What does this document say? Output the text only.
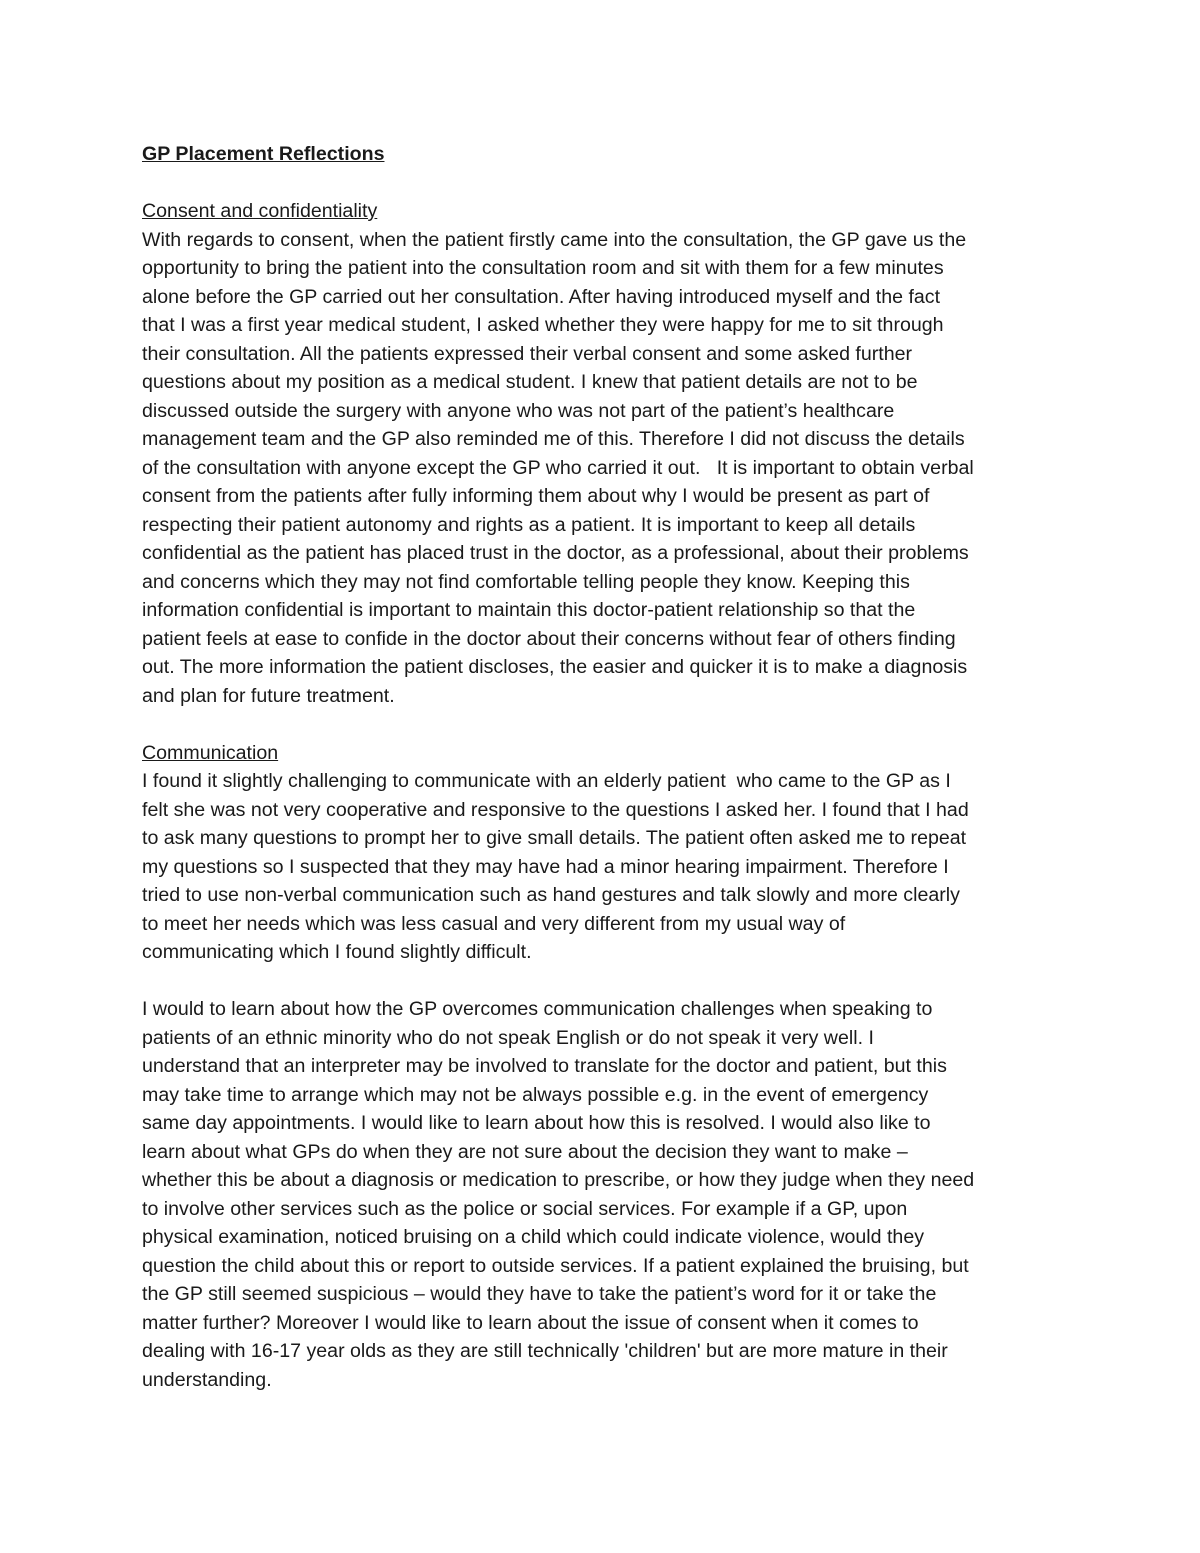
GP Placement Reflections

Consent and confidentiality

With regards to consent, when the patient firstly came into the consultation, the GP gave us the
opportunity to bring the patient into the consultation room and sit with them for a few minutes
alone before the GP carried out her consultation. After having introduced myself and the fact
that I was a first year medical student, I asked whether they were happy for me to sit through
their consultation. All the patients expressed their verbal consent and some asked further
questions about my position as a medical student. I knew that patient details are not to be
discussed outside the surgery with anyone who was not part of the patient’s healthcare
management team and the GP also reminded me of this. Therefore I did not discuss the details
of the consultation with anyone except the GP who carried it out.   It is important to obtain verbal
consent from the patients after fully informing them about why I would be present as part of
respecting their patient autonomy and rights as a patient. It is important to keep all details
confidential as the patient has placed trust in the doctor, as a professional, about their problems
and concerns which they may not find comfortable telling people they know. Keeping this
information confidential is important to maintain this doctor-patient relationship so that the
patient feels at ease to confide in the doctor about their concerns without fear of others finding
out. The more information the patient discloses, the easier and quicker it is to make a diagnosis
and plan for future treatment.

Communication

I found it slightly challenging to communicate with an elderly patient  who came to the GP as I
felt she was not very cooperative and responsive to the questions I asked her. I found that I had
to ask many questions to prompt her to give small details. The patient often asked me to repeat
my questions so I suspected that they may have had a minor hearing impairment. Therefore I
tried to use non-verbal communication such as hand gestures and talk slowly and more clearly
to meet her needs which was less casual and very different from my usual way of
communicating which I found slightly difficult.
I would to learn about how the GP overcomes communication challenges when speaking to
patients of an ethnic minority who do not speak English or do not speak it very well. I
understand that an interpreter may be involved to translate for the doctor and patient, but this
may take time to arrange which may not be always possible e.g. in the event of emergency
same day appointments. I would like to learn about how this is resolved. I would also like to
learn about what GPs do when they are not sure about the decision they want to make –
whether this be about a diagnosis or medication to prescribe, or how they judge when they need
to involve other services such as the police or social services. For example if a GP, upon
physical examination, noticed bruising on a child which could indicate violence, would they
question the child about this or report to outside services. If a patient explained the bruising, but
the GP still seemed suspicious – would they have to take the patient’s word for it or take the
matter further? Moreover I would like to learn about the issue of consent when it comes to
dealing with 16-17 year olds as they are still technically 'children' but are more mature in their
understanding.
